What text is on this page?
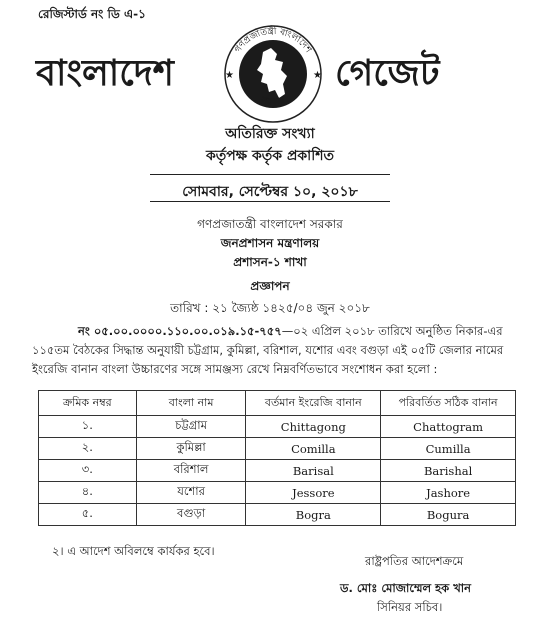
রেজিস্টার্ড নং ডি এ-১
বাংলাদেশ
গণপ্রজাতন্ত্রী বাংলাদেশ
সরকার
★	★ গেজেট
অতিরিক্ত সংখ্যা
কর্তৃপক্ষ কর্তৃক প্রকাশিত
সোমবার, সেপ্টেম্বর ১০, ২০১৮
গণপ্রজাতন্ত্রী বাংলাদেশ সরকার
জনপ্রশাসন মন্ত্রণালয়
প্রশাসন-১ শাখা
প্রজ্ঞাপন
তারিখ : ২১ জ্যৈষ্ঠ ১৪২৫/০৪ জুন ২০১৮
নং ০৫.০০.০০০০.১১০.০০.০১৯.১৫-৭৫৭—০২ এপ্রিল ২০১৮ তারিখে অনুষ্ঠিত নিকার-এর
১১৫তম বৈঠকের সিদ্ধান্ত অনুযায়ী চট্টগ্রাম, কুমিল্লা, বরিশাল, যশোর এবং বগুড়া এই ০৫টি জেলার নামের
ইংরেজি বানান বাংলা উচ্চারণের সঙ্গে সামঞ্জস্য রেখে নিম্নবর্ণিতভাবে সংশোধন করা হলো :
ক্রমিক নম্বর	বাংলা নাম	বর্তমান ইংরেজি বানান	পরিবর্তিত সঠিক বানান
১.	চট্টগ্রাম	Chittagong	Chattogram
২.	কুমিল্লা	Comilla	Cumilla
৩.	বরিশাল	Barisal	Barishal
৪.	যশোর	Jessore	Jashore
৫.	বগুড়া	Bogra	Bogura
২। এ আদেশ অবিলম্বে কার্যকর হবে।
রাষ্ট্রপতির আদেশক্রমে
ড. মোঃ মোজাম্মেল হক খান
সিনিয়র সচিব।
